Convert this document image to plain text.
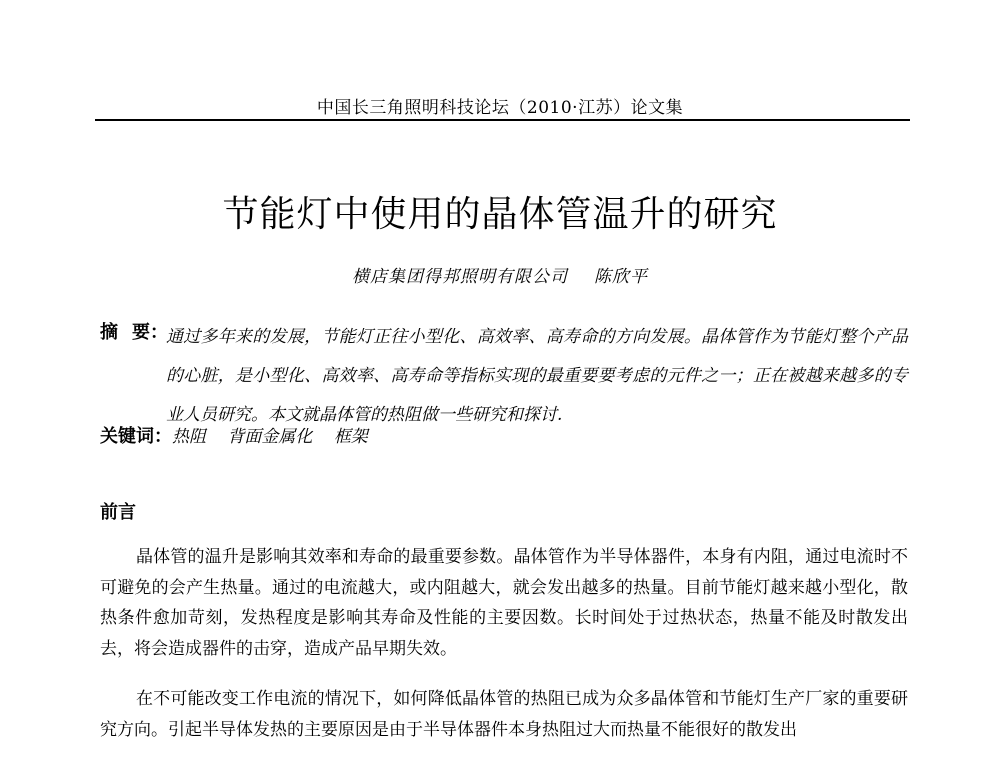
中国长三角照明科技论坛（2010·江苏）论文集
节能灯中使用的晶体管温升的研究
横店集团得邦照明有限公司 陈欣平
摘 要：
通过多年来的发展，节能灯正往小型化、高效率、高寿命的方向发展。晶体管作为节能灯整个产品的心脏，是小型化、高效率、高寿命等指标实现的最重要要考虑的元件之一；正在被越来越多的专业人员研究。本文就晶体管的热阻做一些研究和探讨.
关键词： 热阻 背面金属化 框架
前言

晶体管的温升是影响其效率和寿命的最重要参数。晶体管作为半导体器件，本身有内阻，通过电流时不可避免的会产生热量。通过的电流越大，或内阻越大，就会发出越多的热量。目前节能灯越来越小型化，散热条件愈加苛刻，发热程度是影响其寿命及性能的主要因数。长时间处于过热状态，热量不能及时散发出去，将会造成器件的击穿，造成产品早期失效。

在不可能改变工作电流的情况下，如何降低晶体管的热阻已成为众多晶体管和节能灯生产厂家的重要研究方向。引起半导体发热的主要原因是由于半导体器件本身热阻过大而热量不能很好的散发出
